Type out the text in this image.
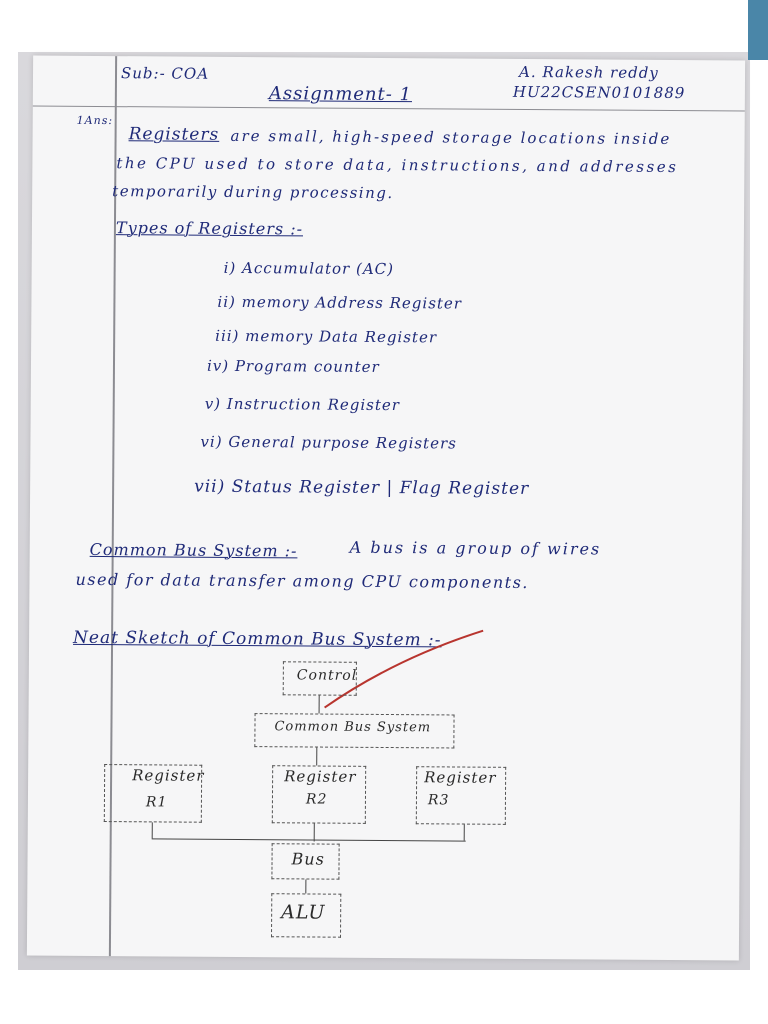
Sub:- COA
Assignment- 1
A. Rakesh reddy
HU22CSEN0101889
1Ans:
Registers are small, high-speed storage locations inside
the CPU used to store data, instructions, and addresses
temporarily during processing.
Types of Registers :-
i) Accumulator (AC)
ii) memory Address Register
iii) memory Data Register
iv) Program counter
v) Instruction Register
vi) General purpose Registers
vii) Status Register | Flag Register
Common Bus System :-	A bus is a group of wires
used for data transfer among CPU components.
Neat Sketch of Common Bus System :-
Control
Common Bus System
Register
R1
Register
R2
Register
R3
Bus
ALU
